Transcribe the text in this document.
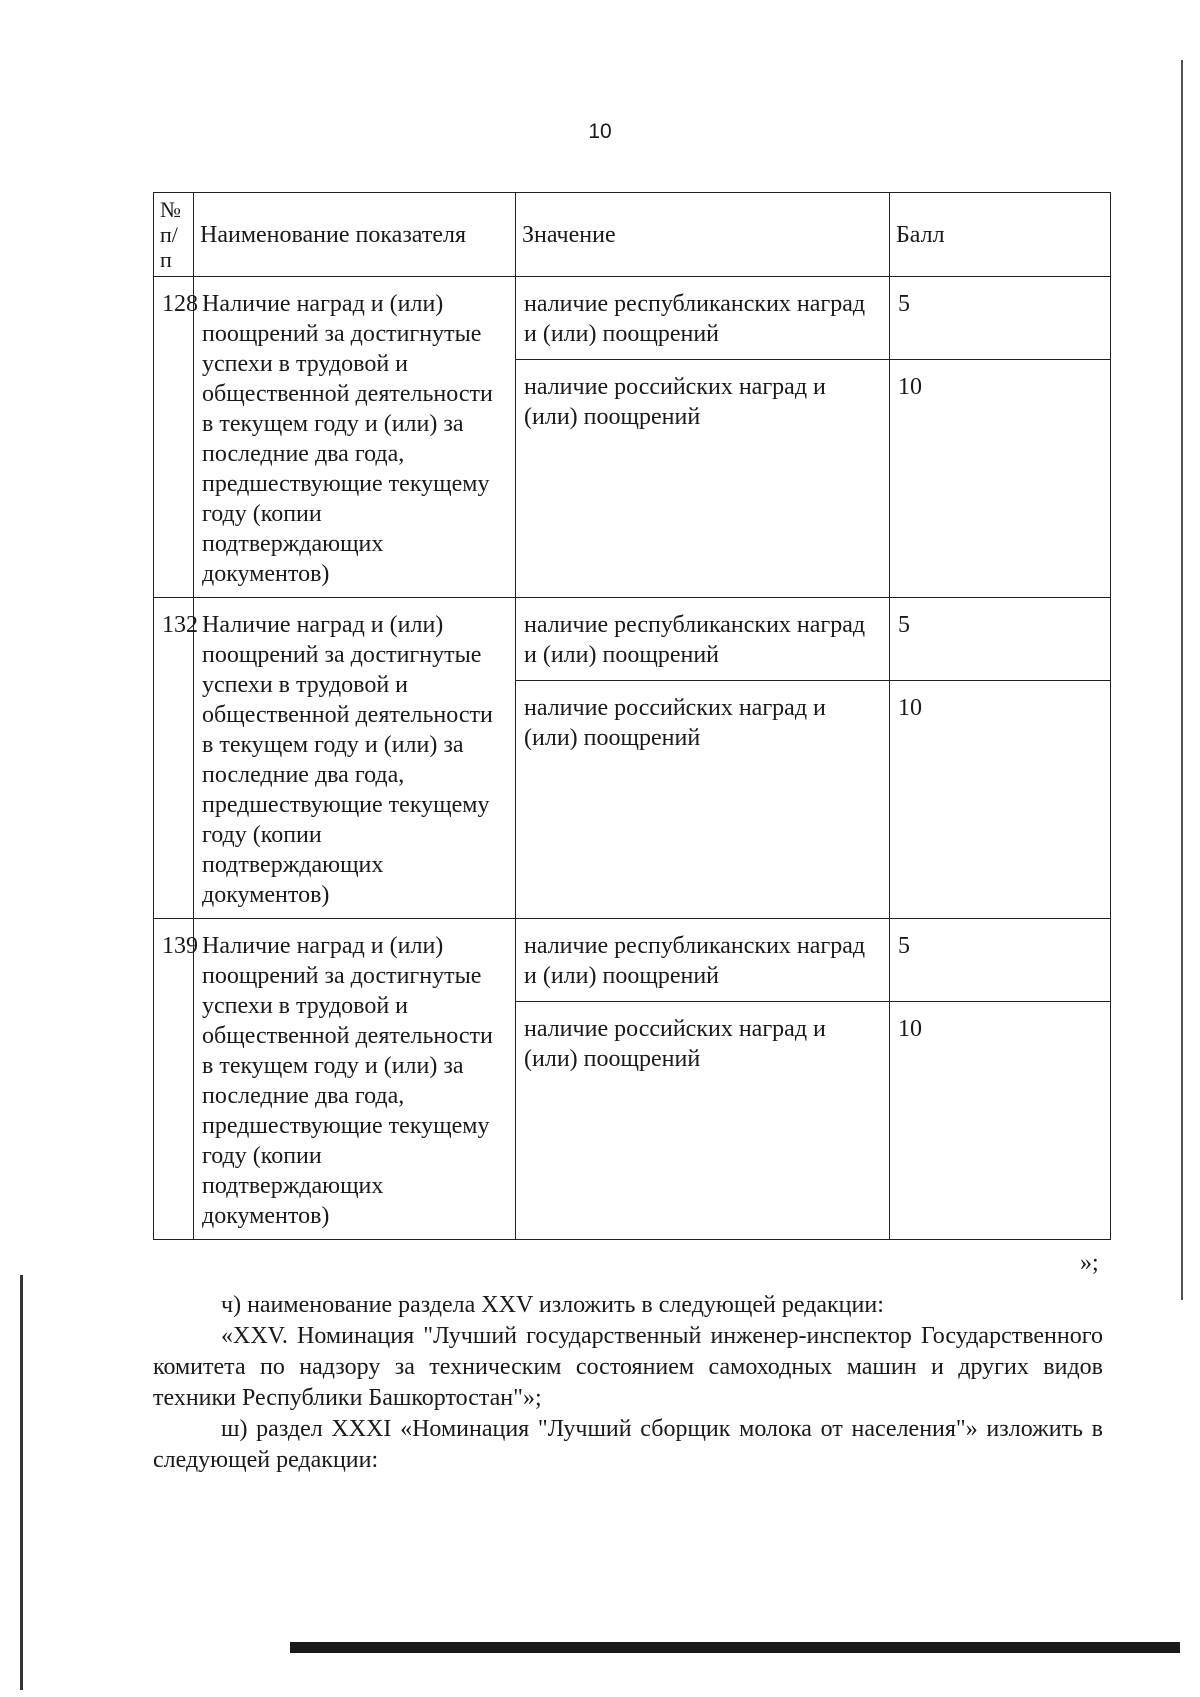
10
№ п/п	Наименование показателя	Значение	Балл
128	Наличие наград и (или) поощрений за достигнутые успехи в трудовой и общественной деятельности в текущем году и (или) за последние два года, предшествующие текущему году (копии подтверждающих документов)	наличие республиканских наград и (или) поощрений	5
		наличие российских наград и (или) поощрений	10
132	Наличие наград и (или) поощрений за достигнутые успехи в трудовой и общественной деятельности в текущем году и (или) за последние два года, предшествующие текущему году (копии подтверждающих документов)	наличие республиканских наград и (или) поощрений	5
		наличие российских наград и (или) поощрений	10
139	Наличие наград и (или) поощрений за достигнутые успехи в трудовой и общественной деятельности в текущем году и (или) за последние два года, предшествующие текущему году (копии подтверждающих документов)	наличие республиканских наград и (или) поощрений	5
		наличие российских наград и (или) поощрений	10
»;

ч) наименование раздела XXV изложить в следующей редакции:

«XXV. Номинация "Лучший государственный инженер-инспектор Государственного комитета по надзору за техническим состоянием самоходных машин и других видов техники Республики Башкортостан"»;

ш) раздел XXXI «Номинация "Лучший сборщик молока от населения"» изложить в следующей редакции:
